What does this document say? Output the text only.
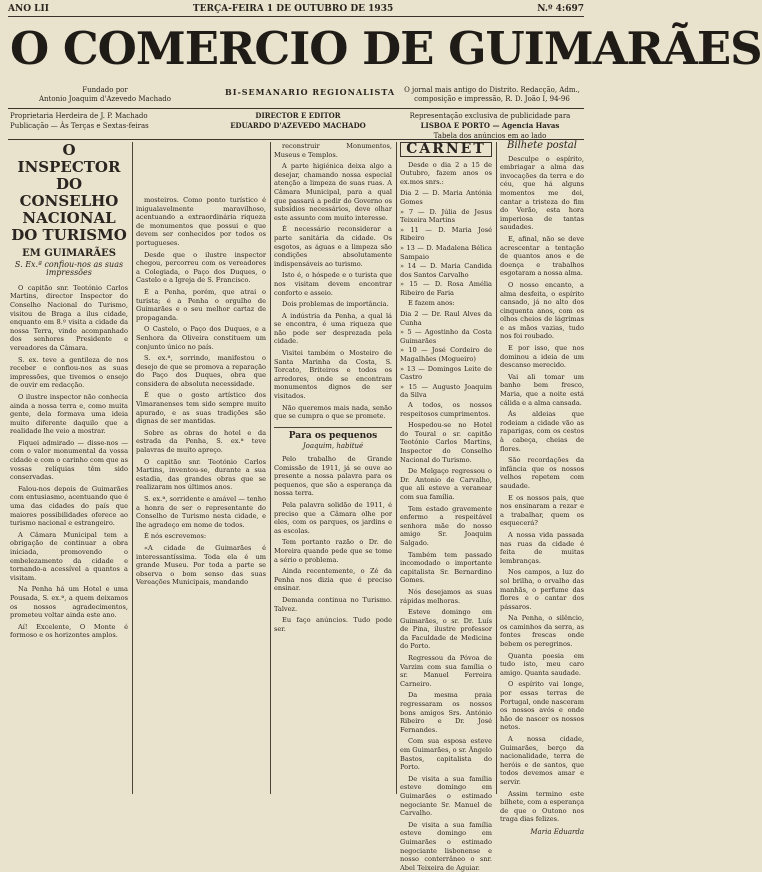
ANO LII	TERÇA-FEIRA 1 DE OUTUBRO DE 1935	N.º 4:697
O COMERCIO DE GUIMARÃES
Fundado por
Antonio Joaquim d'Azevedo Machado
BI-SEMANARIO REGIONALISTA	O jornal mais antigo do Distrito. Redacção, Adm., composição e impressão, R. D. João I, 94-96
Proprietaria Herdeira de J. P. Machado
Publicação — Às Terças e Sextas-feiras
DIRECTOR E EDITOR
EDUARDO D'AZEVEDO MACHADO
Representação exclusiva de publicidade para
LISBOA E PORTO — Agencia Havas
Tabela dos anúncios em ao lado
O INSPECTOR DO CONSELHO NACIONAL DO TURISMO
EM GUIMARÃES
S. Ex.ª confiou-nos as suas impressões

O capitão snr. Teotónio Carlos Martins, director Inspector do Conselho Nacional do Turismo, visitou de Braga a ilus cidade, enquanto em 8.º visita a cidade da nossa Terra, vindo acompanhado dos senhores Presidente e vereadores da Câmara.

S. ex. teve a gentileza de nos receber e confiou-nos as suas impressões, que tivemos o ensejo de ouvir em redacção.

O ilustre inspector não conhecia ainda a nossa terra e, como muita gente, dela formava uma ideia muito diferente daquilo que a realidade lhe veio a mostrar.

Fiquei admirado — disse-nos — com o valor monumental da vossa cidade e com o carinho com que as vossas relíquias têm sido conservadas.

Falou-nos depois de Guimarães com entusiasmo, acentuando que é uma das cidades do país que maiores possibilidades oferece ao turismo nacional e estrangeiro.

A Câmara Municipal tem a obrigação de continuar a obra iniciada, promovendo o embelezamento da cidade e tornando-a acessível a quantos a visitam.

Na Penha há um Hotel e uma Pousada, S. ex.ª, a quem deixamos os nossos agradecimentos, prometeu voltar ainda este ano.

Aí! Excelente, O Monte é formoso e os horizontes amplos.

mosteiros. Como ponto turístico é inigualavelmente maravilhoso, acentuando a extraordinária riqueza de monumentos que possui e que devem ser conhecidos por todos os portugueses.

Desde que o ilustre inspector chegou, percorreu com os vereadores a Colegiada, o Paço dos Duques, o Castelo e a Igreja de S. Francisco.

É a Penha, porém, que atrai o turista; é a Penha o orgulho de Guimarães e o seu melhor cartaz de propaganda.

O Castelo, o Paço dos Duques, e a Senhora da Oliveira constituem um conjunto único no país.

S. ex.ª, sorrindo, manifestou o desejo de que se promova a reparação do Paço dos Duques, obra que considera de absoluta necessidade.

É que o gosto artístico dos Vimaranenses tem sido sempre muito apurado, e as suas tradições são dignas de ser mantidas.

Sobre as obras do hotel e da estrada da Penha, S. ex.ª teve palavras de muito apreço.

O capitão snr. Teotónio Carlos Martins, inventou-se, durante a sua estadia, das grandes obras que se realizaram nos últimos anos.

S. ex.ª, sorridente e amável — tenho a honra de ser o representante do Conselho de Turismo nesta cidade, e lhe agradeço em nome de todos.

É nós escrevemos:

«A cidade de Guimarães é interessantíssima. Toda ela é um grande Museu. Por toda a parte se observa o bom senso das suas Vereações Municipais, mandando

reconstruir Monumentos, Museus e Templos.

A parte higiénica deixa algo a desejar, chamando nossa especial atenção a limpeza de suas ruas. A Câmara Municipal, para a qual que passará a pedir do Governo os subsídios necessários, deve olhar este assunto com muito interesse.

É necessário reconsiderar a parte sanitária da cidade. Os esgotos, as águas e a limpeza são condições absolutamente indispensáveis ao turismo.

Isto é, o hóspede e o turista que nos visitam devem encontrar conforto e asseio.

Dois problemas de importância.

A indústria da Penha, a qual lá se encontra, é uma riqueza que não pode ser desprezada pela cidade.

Visitei também o Mosteiro de Santa Marinha da Costa, S. Torcato, Briteiros e todos os arredores, onde se encontram monumentos dignos de ser visitados.

Não queremos mais nada, senão que se cumpra o que se promete.

Para os pequenos
Joaquim, habitué

Pelo trabalho de Grande Comissão de 1911, já se ouve ao presente a nossa palavra para os pequenos, que são a esperança da nossa terra.

Pela palavra solidão de 1911, é preciso que a Câmara olhe por eles, com os parques, os jardins e as escolas.

Tem portanto razão o Dr. de Moreira quando pede que se tome a sério o problema.

Ainda recentemente, o Zé da Penha nos dizia que é preciso ensinar.

Demanda continua no Turismo. Talvez.

Eu faço anúncios. Tudo pode ser.

CARNET

Desde o dia 2 a 15 de Outubro, fazem anos os ex.mos snrs.:

Dia 2 — D. Maria Antónia Gomes
» 7 — D. Júlia de Jesus Teixeira Martins
» 11 — D. Maria José Ribeiro
» 13 — D. Madalena Bélica Sampaio
» 14 — D. Maria Candida dos Santos Carvalho
» 15 — D. Rosa Amélia Ribeiro de Faria

E fazem anos:

Dia 2 — Dr. Raul Alves da Cunha
» 5 — Agostinho da Costa Guimarães
» 10 — José Cordeiro de Magalhães (Mogueiro)
» 13 — Domingos Leite de Castro
» 15 — Augusto Joaquim da Silva

A todos, os nossos respeitosos cumprimentos.

Hospedou-se no Hotel do Toural o sr. capitão Teotónio Carlos Martins, Inspector do Conselho Nacional do Turismo.

De Melgaço regressou o Dr. Antonio de Carvalho, que ali esteve a veranear com sua família.

Tem estado gravemente enfermo a respeitável senhora mãe do nosso amigo Sr. Joaquim Salgado.

Também tem passado incomodado o importante capitalista Sr. Bernardino Gomes.

Nós desejamos as suas rápidas melhoras.

Esteve domingo em Guimarães, o sr. Dr. Luís de Pina, ilustre professor da Faculdade de Medicina do Porto.

Regressou da Póvoa de Varzim com sua família o sr. Manuel Ferreira Carneiro.

Da mesma praia regressaram os nossos bons amigos Srs. António Ribeiro e Dr. José Fernandes.

Com sua esposa esteve em Guimarães, o sr. Ângelo Bastos, capitalista do Porto.

De visita a sua família esteve domingo em Guimarães o estimado negociante Sr. Manuel de Carvalho.

De visita a sua família esteve domingo em Guimarães o estimado negociante lisbonense e nosso conterrâneo o snr. Abel Teixeira de Aguiar.

Bilhete postal

Desculpe o espírito, embriagar a alma das invocações da terra e do céu, que há alguns momentos me dei, cantar a tristeza do fim do Verão, esta hora imperiosa de tantas saudades.

E, afinal, não se deve acrescentar a tentação de quantos anos e de doença e trabalhos esgotaram a nossa alma.

O nosso encanto, a alma desfeita, o espírito cansado, já no alto dos cinquenta anos, com os olhos cheios de lágrimas e as mãos vazias, tudo nos foi roubado.

E por isso, que nos dominou a ideia de um descanso merecido.

Vai ali tomar um banho bem fresco, Maria, que a noite está cálida e a alma cansada.

Ás aldeias que rodeiam a cidade vão as raparigas, com os cestos à cabeça, cheias de flores.

São recordações da infância que os nossos velhos repetem com saudade.

E os nossos pais, que nos ensinaram a rezar e a trabalhar, quem os esquecerá?

A nossa vida passada nas ruas da cidade é feita de muitas lembranças.

Nos campos, a luz do sol brilha, o orvalho das manhãs, o perfume das flores e o cantar dos pássaros.

Na Penha, o silêncio, os caminhos da serra, as fontes frescas onde bebem os peregrinos.

Quanta poesia em tudo isto, meu caro amigo. Quanta saudade.

O espírito vai longe, por essas terras de Portugal, onde nasceram os nossos avós e onde hão de nascer os nossos netos.

A nossa cidade, Guimarães, berço da nacionalidade, terra de heróis e de santos, que todos devemos amar e servir.

Assim termino este bilhete, com a esperança de que o Outono nos traga dias felizes.

Maria Eduarda
